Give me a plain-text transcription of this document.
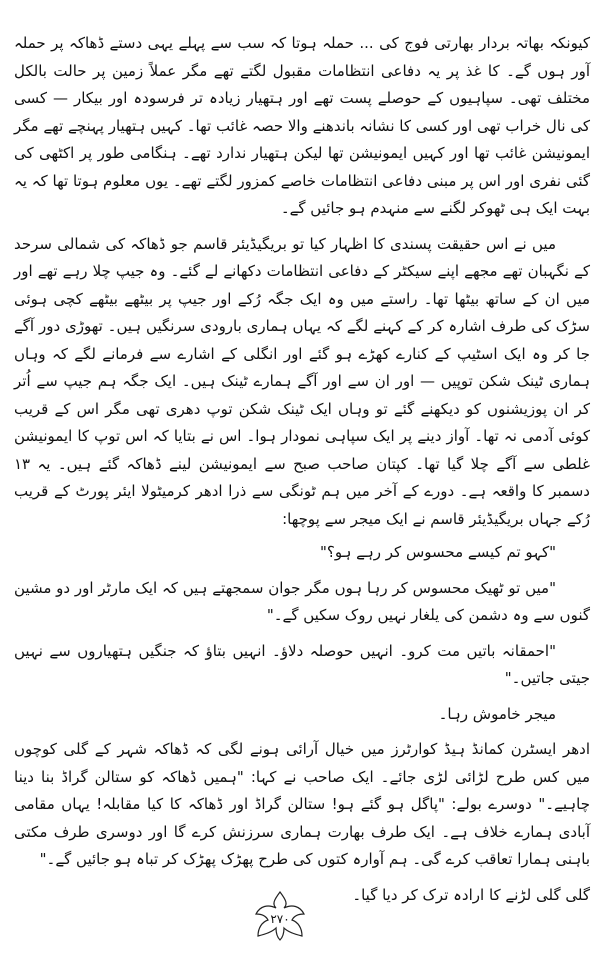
کیونکہ بھاتہ بردار بھارتی فوج کی ... حملہ ہوتا کہ سب سے پہلے یہی دستے ڈھاکہ پر حملہ آور ہوں گے۔ کا غذ پر یہ دفاعی انتظامات مقبول لگتے تھے مگر عملاً زمین پر حالت بالکل مختلف تھی۔ سپاہیوں کے حوصلے پست تھے اور ہتھیار زیادہ تر فرسودہ اور بیکار — کسی کی نال خراب تھی اور کسی کا نشانہ باندھنے والا حصہ غائب تھا۔ کہیں ہتھیار پہنچے تھے مگر ایمونیشن غائب تھا اور کہیں ایمونیشن تھا لیکن ہتھیار ندارد تھے۔ ہنگامی طور پر اکٹھی کی گئی نفری اور اس پر مبنی دفاعی انتظامات خاصے کمزور لگتے تھے۔ یوں معلوم ہوتا تھا کہ یہ بہت ایک ہی ٹھوکر لگنے سے منہدم ہو جائیں گے۔

میں نے اس حقیقت پسندی کا اظہار کیا تو بریگیڈیئر قاسم جو ڈھاکہ کی شمالی سرحد کے نگہبان تھے مجھے اپنے سیکٹر کے دفاعی انتظامات دکھانے لے گئے۔ وہ جیپ چلا رہے تھے اور میں ان کے ساتھ بیٹھا تھا۔ راستے میں وہ ایک جگہ رُکے اور جیپ پر بیٹھے بیٹھے کچی ہوئی سڑک کی طرف اشارہ کر کے کہنے لگے کہ یہاں ہماری بارودی سرنگیں ہیں۔ تھوڑی دور آگے جا کر وہ ایک اسٹیپ کے کنارے کھڑے ہو گئے اور انگلی کے اشارے سے فرمانے لگے کہ وہاں ہماری ٹینک شکن توپیں — اور ان سے اور آگے ہمارے ٹینک ہیں۔ ایک جگہ ہم جیپ سے اُتر کر ان پوزیشنوں کو دیکھنے گئے تو وہاں ایک ٹینک شکن توپ دھری تھی مگر اس کے قریب کوئی آدمی نہ تھا۔ آواز دینے پر ایک سپاہی نمودار ہوا۔ اس نے بتایا کہ اس توپ کا ایمونیشن غلطی سے آگے چلا گیا تھا۔ کپتان صاحب صبح سے ایمونیشن لینے ڈھاکہ گئے ہیں۔ یہ ۱۳ دسمبر کا واقعہ ہے۔ دورے کے آخر میں ہم ٹونگی سے ذرا ادھر کرمیٹولا ایئر پورٹ کے قریب رُکے جہاں بریگیڈیئر قاسم نے ایک میجر سے پوچھا:

"کہو تم کیسے محسوس کر رہے ہو؟"

"میں تو ٹھیک محسوس کر رہا ہوں مگر جوان سمجھتے ہیں کہ ایک مارٹر اور دو مشین گنوں سے وہ دشمن کی یلغار نہیں روک سکیں گے۔"

"احمقانہ باتیں مت کرو۔ انہیں حوصلہ دلاؤ۔ انہیں بتاؤ کہ جنگیں ہتھیاروں سے نہیں جیتی جاتیں۔"

میجر خاموش رہا۔

ادھر ایسٹرن کمانڈ ہیڈ کوارٹرز میں خیال آرائی ہونے لگی کہ ڈھاکہ شہر کے گلی کوچوں میں کس طرح لڑائی لڑی جائے۔ ایک صاحب نے کہا: "ہمیں ڈھاکہ کو ستالن گراڈ بنا دینا چاہیے۔" دوسرے بولے: "پاگل ہو گئے ہو! ستالن گراڈ اور ڈھاکہ کا کیا مقابلہ! یہاں مقامی آبادی ہمارے خلاف ہے۔ ایک طرف بھارت ہماری سرزنش کرے گا اور دوسری طرف مکتی باہنی ہمارا تعاقب کرے گی۔ ہم آوارہ کتوں کی طرح پھڑک پھڑک کر تباہ ہو جائیں گے۔"

گلی گلی لڑنے کا ارادہ ترک کر دیا گیا۔

۲۷۰
